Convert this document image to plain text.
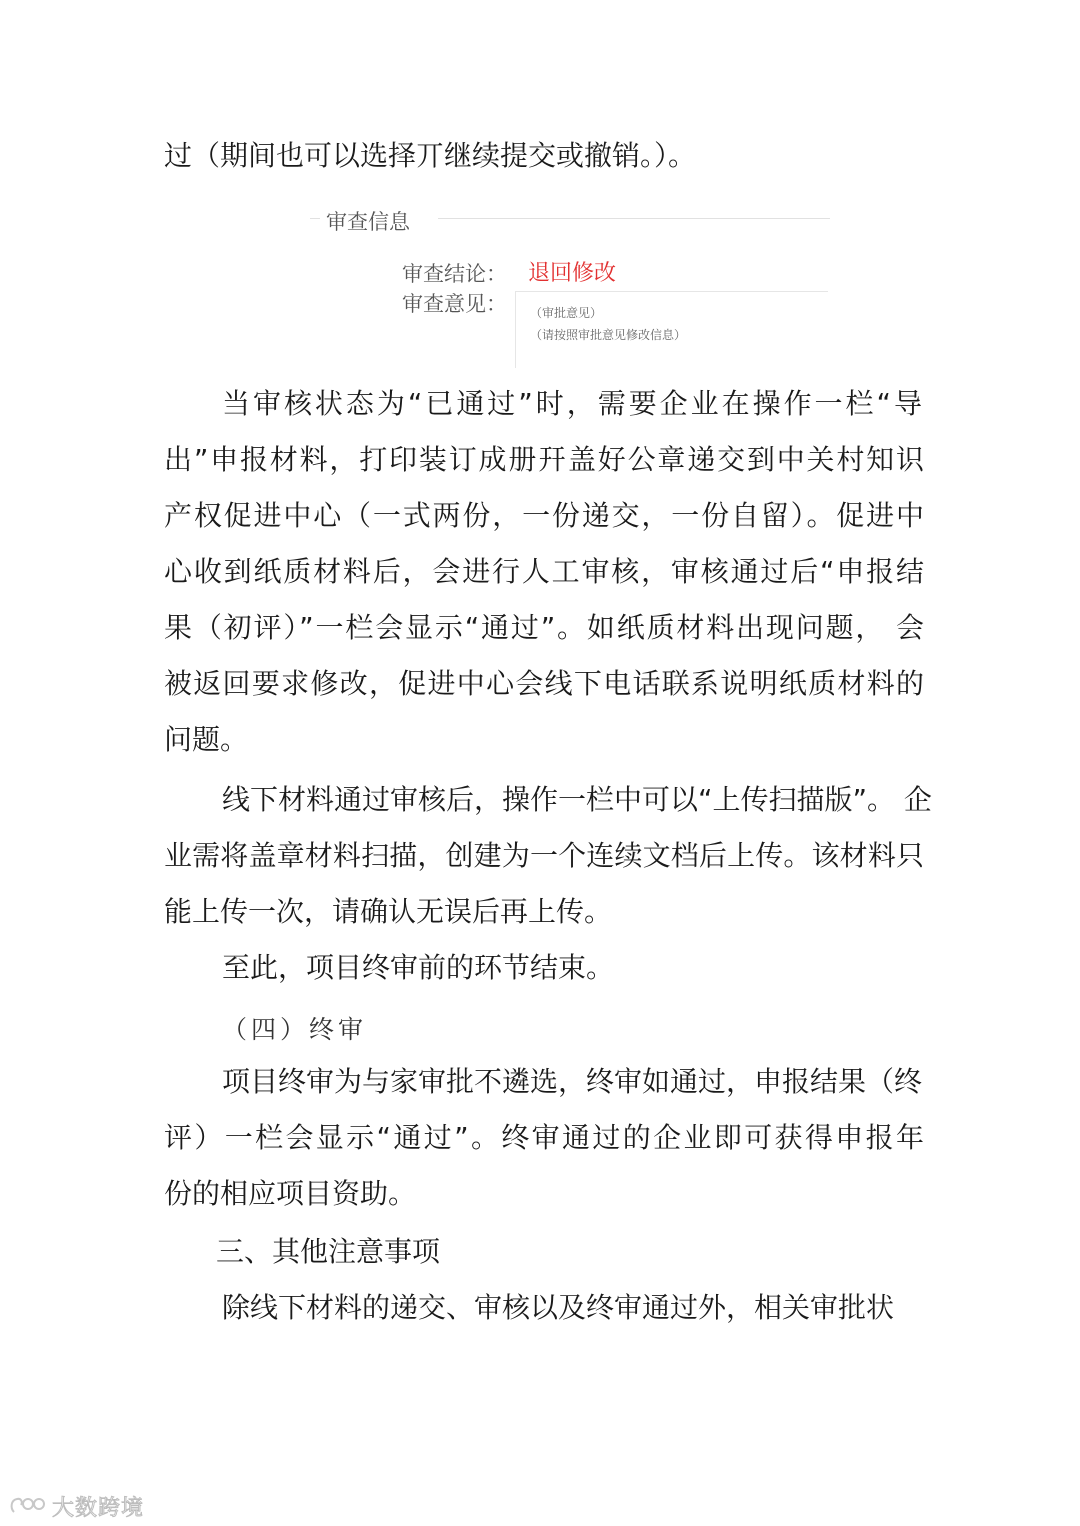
过（期间也可以选择丌继续提交或撤销。）。
审查信息
审查结论： 退回修改
审查意见： （审批意见）
（请按照审批意见修改信息）
当审核状态为“已通过”时，需要企业在操作一栏“导
出”申报材料，打印装订成册幵盖好公章递交到中关村知识
产权促进中心（一式两份，一份递交，一份自留）。促进中
心收到纸质材料后，会进行人工审核，审核通过后“申报结
果（初评）”一栏会显示“通过”。如纸质材料出现问题， 会
被返回要求修改，促进中心会线下电话联系说明纸质材料的
问题。
线下材料通过审核后，操作一栏中可以“上传扫描版”。 企
业需将盖章材料扫描，创建为一个连续文档后上传。该材料只
能上传一次，请确认无误后再上传。
至此，项目终审前的环节结束。
（四）终审
项目终审为与家审批不遴选，终审如通过，申报结果（终
评）一栏会显示“通过”。终审通过的企业即可获得申报年
份的相应项目资助。
三、其他注意事项
除线下材料的递交、审核以及终审通过外，相关审批状
大数跨境
